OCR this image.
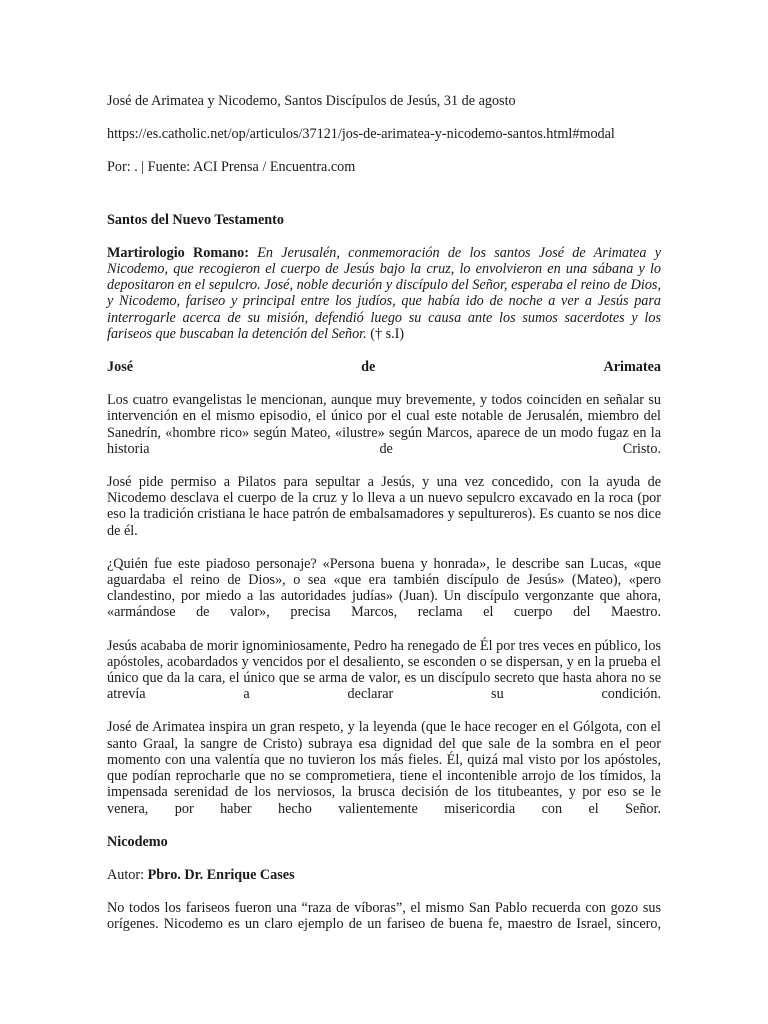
José de Arimatea y Nicodemo, Santos Discípulos de Jesús, 31 de agosto

https://es.catholic.net/op/articulos/37121/jos-de-arimatea-y-nicodemo-santos.html#modal

Por: . | Fuente: ACI Prensa / Encuentra.com

Santos del Nuevo Testamento

Martirologio Romano: En Jerusalén, conmemoración de los santos José de Arimatea y Nicodemo, que recogieron el cuerpo de Jesús bajo la cruz, lo envolvieron en una sábana y lo depositaron en el sepulcro. José, noble decurión y discípulo del Señor, esperaba el reino de Dios, y Nicodemo, fariseo y principal entre los judíos, que había ido de noche a ver a Jesús para interrogarle acerca de su misión, defendió luego su causa ante los sumos sacerdotes y los fariseos que buscaban la detención del Señor. († s.I)

José	de	Arimatea

Los cuatro evangelistas le mencionan, aunque muy brevemente, y todos coinciden en señalar su intervención en el mismo episodio, el único por el cual este notable de Jerusalén, miembro del Sanedrín, «hombre rico» según Mateo, «ilustre» según Marcos, aparece de un modo fugaz en la historia de Cristo.

José pide permiso a Pilatos para sepultar a Jesús, y una vez concedido, con la ayuda de Nicodemo desclava el cuerpo de la cruz y lo lleva a un nuevo sepulcro excavado en la roca (por eso la tradición cristiana le hace patrón de embalsamadores y sepultureros). Es cuanto se nos dice de él.

¿Quién fue este piadoso personaje? «Persona buena y honrada», le describe san Lucas, «que aguardaba el reino de Dios», o sea «que era también discípulo de Jesús» (Mateo), «pero clandestino, por miedo a las autoridades judías» (Juan). Un discípulo vergonzante que ahora, «armándose de valor», precisa Marcos, reclama el cuerpo del Maestro.

Jesús acababa de morir ignominiosamente, Pedro ha renegado de Él por tres veces en público, los apóstoles, acobardados y vencidos por el desaliento, se esconden o se dispersan, y en la prueba el único que da la cara, el único que se arma de valor, es un discípulo secreto que hasta ahora no se atrevía a declarar su condición.

José de Arimatea inspira un gran respeto, y la leyenda (que le hace recoger en el Gólgota, con el santo Graal, la sangre de Cristo) subraya esa dignidad del que sale de la sombra en el peor momento con una valentía que no tuvieron los más fieles. Él, quizá mal visto por los apóstoles, que podían reprocharle que no se comprometiera, tiene el incontenible arrojo de los tímidos, la impensada serenidad de los nerviosos, la brusca decisión de los titubeantes, y por eso se le venera, por haber hecho valientemente misericordia con el Señor.

Nicodemo

Autor: Pbro. Dr. Enrique Cases

No todos los fariseos fueron una “raza de víboras”, el mismo San Pablo recuerda con gozo sus orígenes. Nicodemo es un claro ejemplo de un fariseo de buena fe, maestro de Israel, sincero,
